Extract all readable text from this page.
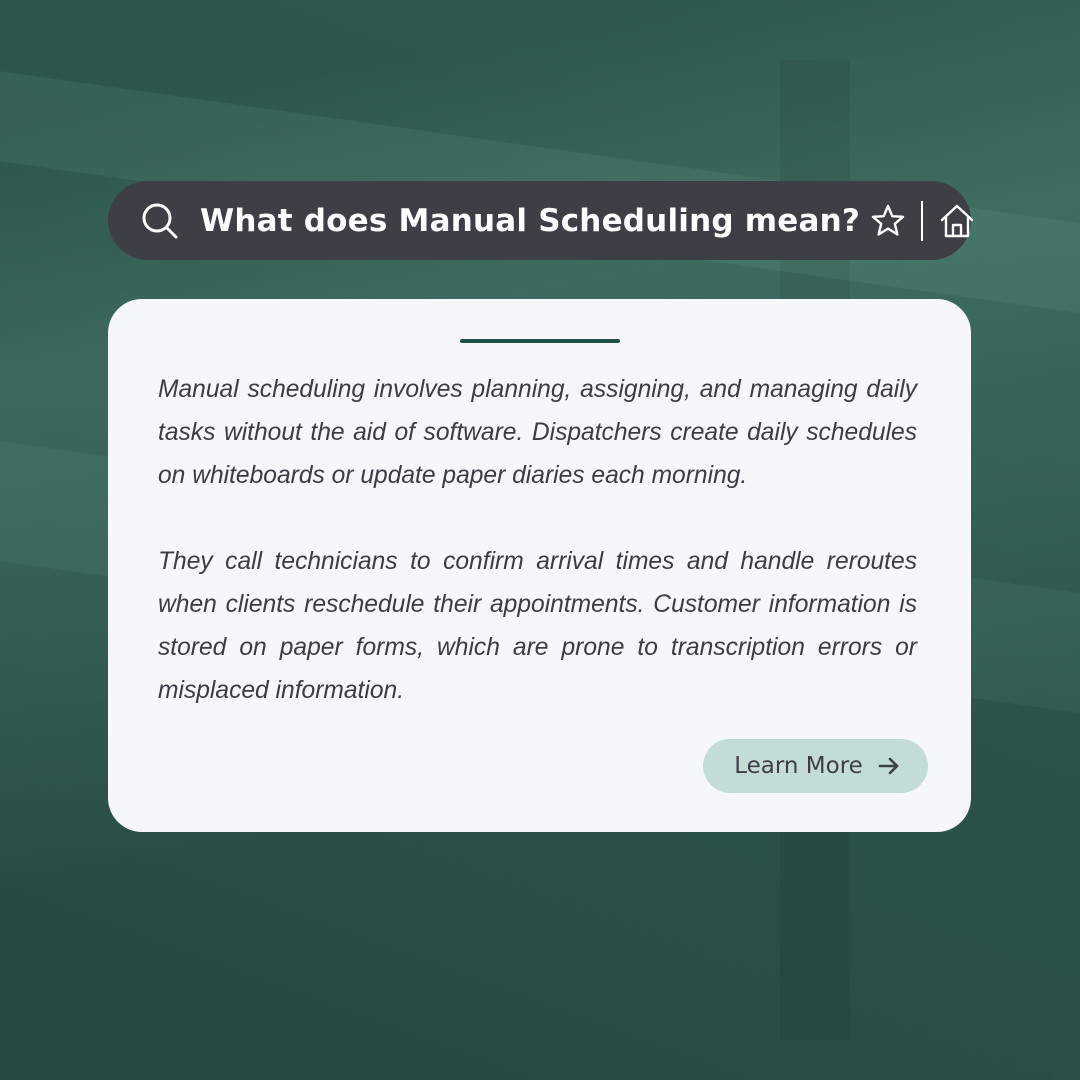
What does Manual Scheduling mean?

Manual scheduling involves planning, assigning, and managing daily tasks without the aid of software. Dispatchers create daily schedules on whiteboards or update paper diaries each morning.

They call technicians to confirm arrival times and handle reroutes when clients reschedule their appointments. Customer information is stored on paper forms, which are prone to transcription errors or misplaced information.

Learn More
